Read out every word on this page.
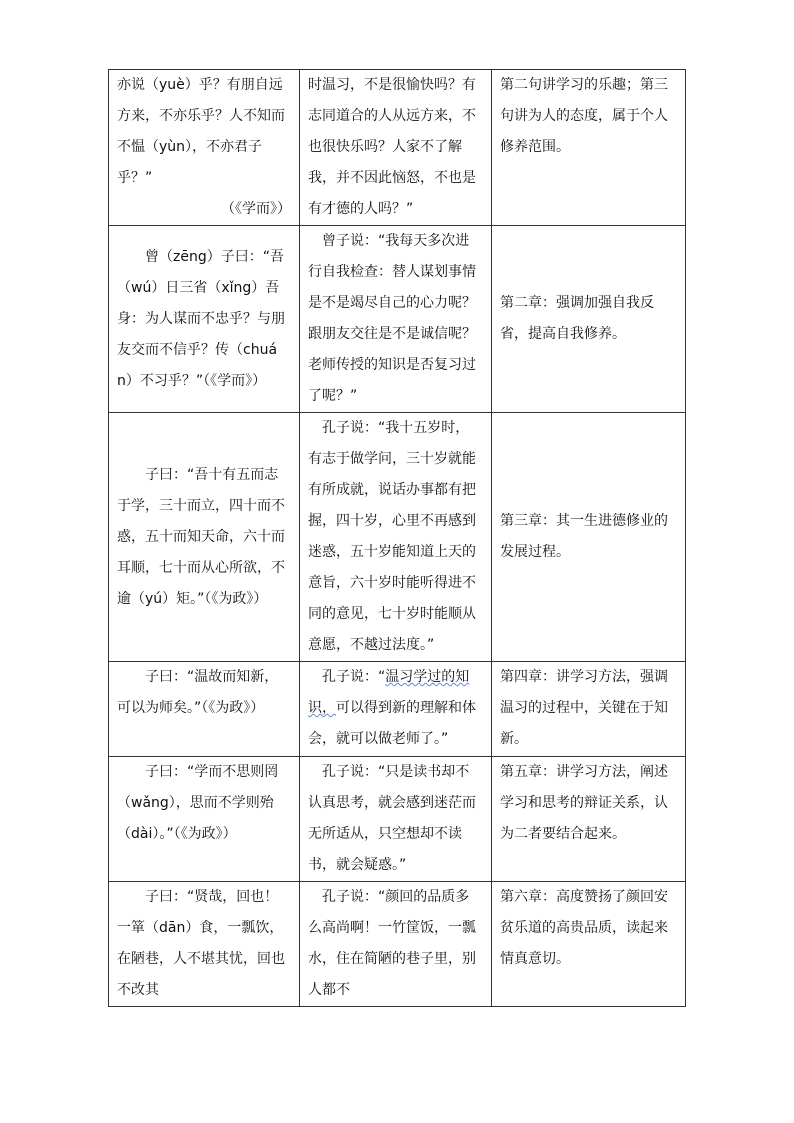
亦说（yuè）乎？有朋自远方来，不亦乐乎？人不知而不愠（yùn），不亦君子乎？”
（《学而》）	时温习，不是很愉快吗？有志同道合的人从远方来，不也很快乐吗？人家不了解我，并不因此恼怒，不也是有才德的人吗？”	第二句讲学习的乐趣；第三句讲为人的态度，属于个人修养范围。
曾（zēng）子曰：“吾（wú）日三省（xǐng）吾身：为人谋而不忠乎？与朋友交而不信乎？传（chuán）不习乎？”（《学而》）	曾子说：“我每天多次进行自我检查：替人谋划事情是不是竭尽自己的心力呢？跟朋友交往是不是诚信呢？老师传授的知识是否复习过了呢？”	第二章：强调加强自我反省，提高自我修养。
子曰：“吾十有五而志于学，三十而立，四十而不惑，五十而知天命，六十而耳顺，七十而从心所欲，不逾（yú）矩。”（《为政》）	孔子说：“我十五岁时，有志于做学问，三十岁就能有所成就，说话办事都有把握，四十岁，心里不再感到迷惑，五十岁能知道上天的意旨，六十岁时能听得进不同的意见，七十岁时能顺从意愿，不越过法度。”	第三章：其一生进德修业的发展过程。
子曰：“温故而知新，可以为师矣。”（《为政》）	孔子说：“温习学过的知识，可以得到新的理解和体会，就可以做老师了。”	第四章：讲学习方法，强调温习的过程中，关键在于知新。
子曰：“学而不思则罔（wǎng），思而不学则殆（dài）。”（《为政》）	孔子说：“只是读书却不认真思考，就会感到迷茫而无所适从，只空想却不读书，就会疑惑。”	第五章：讲学习方法，阐述学习和思考的辩证关系，认为二者要结合起来。
子曰：“贤哉，回也！一箪（dān）食，一瓢饮，在陋巷，人不堪其忧，回也不改其	孔子说：“颜回的品质多么高尚啊！一竹筐饭，一瓢水，住在简陋的巷子里，别人都不	第六章：高度赞扬了颜回安贫乐道的高贵品质，读起来情真意切。
